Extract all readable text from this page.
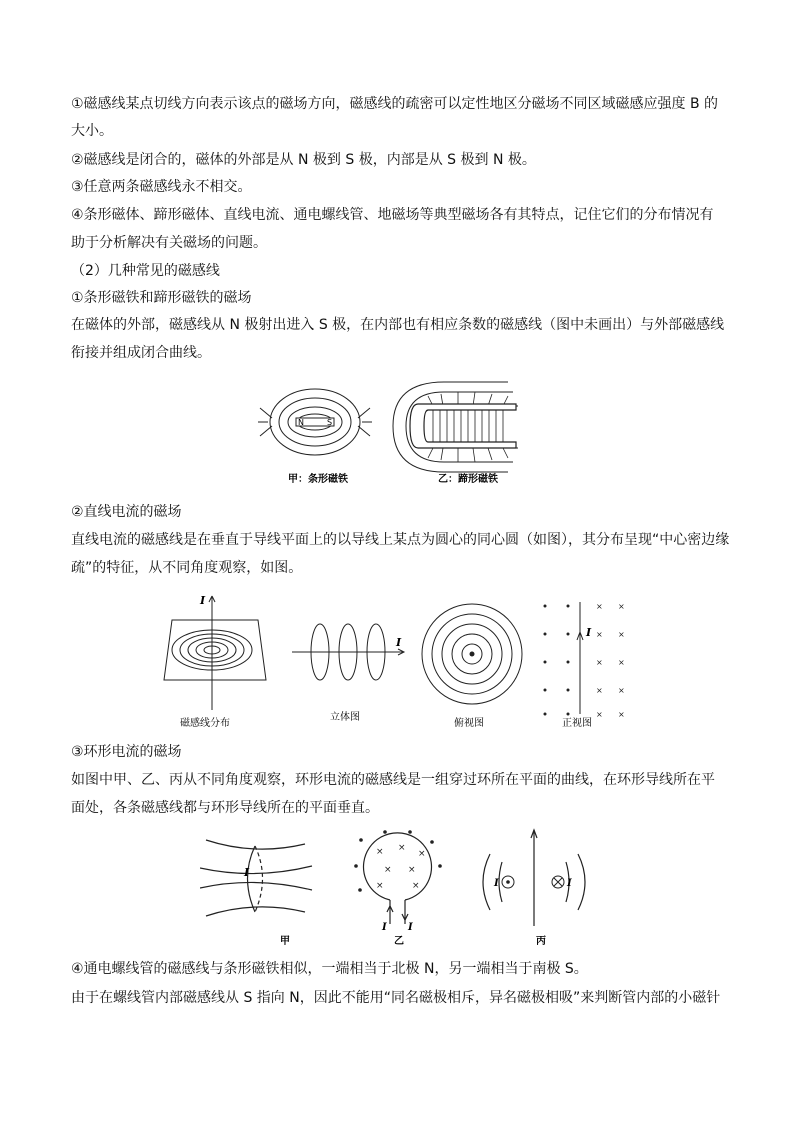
①磁感线某点切线方向表示该点的磁场方向，磁感线的疏密可以定性地区分磁场不同区域磁感应强度 B 的
大小。
②磁感线是闭合的，磁体的外部是从 N 极到 S 极，内部是从 S 极到 N 极。
③任意两条磁感线永不相交。
④条形磁体、蹄形磁体、直线电流、通电螺线管、地磁场等典型磁场各有其特点，记住它们的分布情况有
助于分析解决有关磁场的问题。
（2）几种常见的磁感线
①条形磁铁和蹄形磁铁的磁场
在磁体的外部，磁感线从 N 极射出进入 S 极，在内部也有相应条数的磁感线（图中未画出）与外部磁感线
衔接并组成闭合曲线。
N	S
甲：条形磁铁	乙：蹄形磁铁
②直线电流的磁场
直线电流的磁感线是在垂直于导线平面上的以导线上某点为圆心的同心圆（如图），其分布呈现“中心密边缘
疏”的特征，从不同角度观察，如图。
× ×
× ×
× ×
× ×
× ×
I
I
I
磁感线分布
立体图
俯视图	正视图
③环形电流的磁场
如图中甲、乙、丙从不同角度观察，环形电流的磁感线是一组穿过环所在平面的曲线，在环形导线所在平
面处，各条磁感线都与环形导线所在的平面垂直。
× ×
×
× ×
×	×
I
I I
I	I
甲	乙	丙
④通电螺线管的磁感线与条形磁铁相似，一端相当于北极 N，另一端相当于南极 S。
由于在螺线管内部磁感线从 S 指向 N，因此不能用“同名磁极相斥，异名磁极相吸”来判断管内部的小磁针
